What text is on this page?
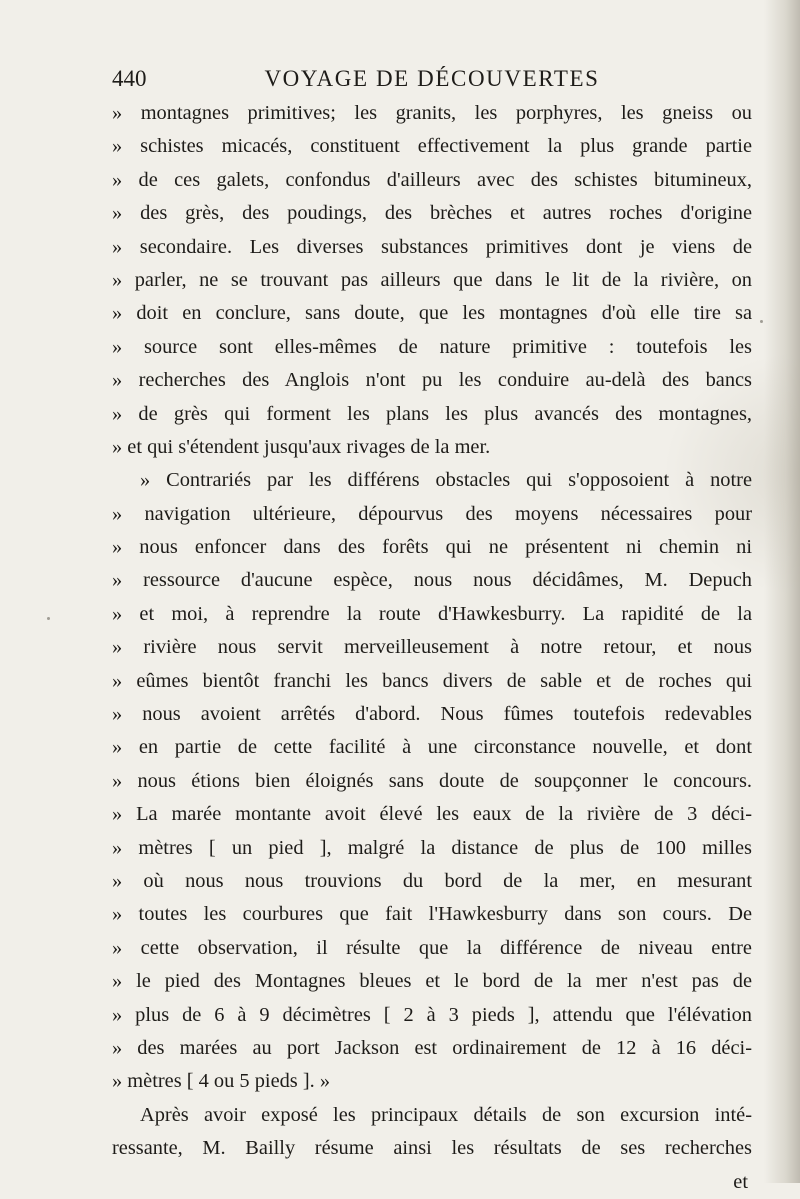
440	VOYAGE DE DÉCOUVERTES
» montagnes primitives; les granits, les porphyres, les gneiss ou
» schistes micacés, constituent effectivement la plus grande partie
» de ces galets, confondus d'ailleurs avec des schistes bitumineux,
» des grès, des poudings, des brèches et autres roches d'origine
» secondaire. Les diverses substances primitives dont je viens de
» parler, ne se trouvant pas ailleurs que dans le lit de la rivière, on
» doit en conclure, sans doute, que les montagnes d'où elle tire sa
» source sont elles-mêmes de nature primitive : toutefois les
» recherches des Anglois n'ont pu les conduire au-delà des bancs
» de grès qui forment les plans les plus avancés des montagnes,
» et qui s'étendent jusqu'aux rivages de la mer.
» Contrariés par les différens obstacles qui s'opposoient à notre
» navigation ultérieure, dépourvus des moyens nécessaires pour
» nous enfoncer dans des forêts qui ne présentent ni chemin ni
» ressource d'aucune espèce, nous nous décidâmes, M. Depuch
» et moi, à reprendre la route d'Hawkesburry. La rapidité de la
» rivière nous servit merveilleusement à notre retour, et nous
» eûmes bientôt franchi les bancs divers de sable et de roches qui
» nous avoient arrêtés d'abord. Nous fûmes toutefois redevables
» en partie de cette facilité à une circonstance nouvelle, et dont
» nous étions bien éloignés sans doute de soupçonner le concours.
» La marée montante avoit élevé les eaux de la rivière de 3 déci-
» mètres [ un pied ], malgré la distance de plus de 100 milles
» où nous nous trouvions du bord de la mer, en mesurant
» toutes les courbures que fait l'Hawkesburry dans son cours. De
» cette observation, il résulte que la différence de niveau entre
» le pied des Montagnes bleues et le bord de la mer n'est pas de
» plus de 6 à 9 décimètres [ 2 à 3 pieds ], attendu que l'élévation
» des marées au port Jackson est ordinairement de 12 à 16 déci-
» mètres [ 4 ou 5 pieds ]. »
Après avoir exposé les principaux détails de son excursion inté-
ressante, M. Bailly résume ainsi les résultats de ses recherches
et
